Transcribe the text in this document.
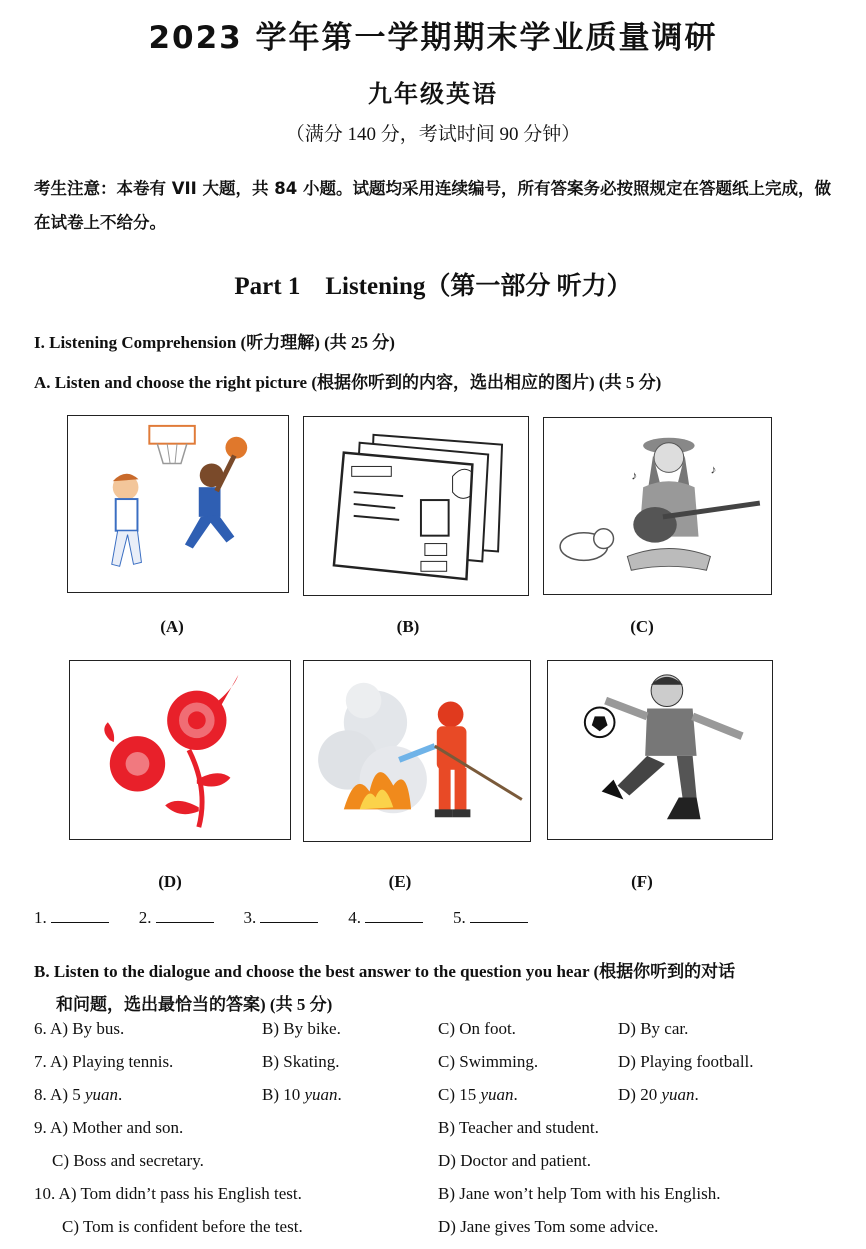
2023 学年第一学期期末学业质量调研
九年级英语
（满分 140 分，考试时间 90 分钟）
考生注意：本卷有 VII 大题，共 84 小题。试题均采用连续编号，所有答案务必按照规定在答题纸上完成，做在试卷上不给分。
Part 1　Listening（第一部分 听力）
I. Listening Comprehension (听力理解) (共 25 分)
A. Listen and choose the right picture (根据你听到的内容，选出相应的图片) (共 5 分)
(A)	(B)
♪	♪
(C)
(D)	(E)	(F)
1.	2.	3.	4.	5.
B. Listen to the dialogue and choose the best answer to the question you hear (根据你听到的对话
和问题，选出最恰当的答案) (共 5 分)
6. A) By bus.	B) By bike.	C) On foot.	D) By car.
7. A) Playing tennis.	B) Skating.	C) Swimming.	D) Playing football.
8. A) 5 yuan.	B) 10 yuan.	C) 15 yuan.	D) 20 yuan.
9. A) Mother and son.	B) Teacher and student.
C) Boss and secretary.	D) Doctor and patient.
10. A) Tom didn’t pass his English test.	B) Jane won’t help Tom with his English.
C) Tom is confident before the test.	D) Jane gives Tom some advice.
